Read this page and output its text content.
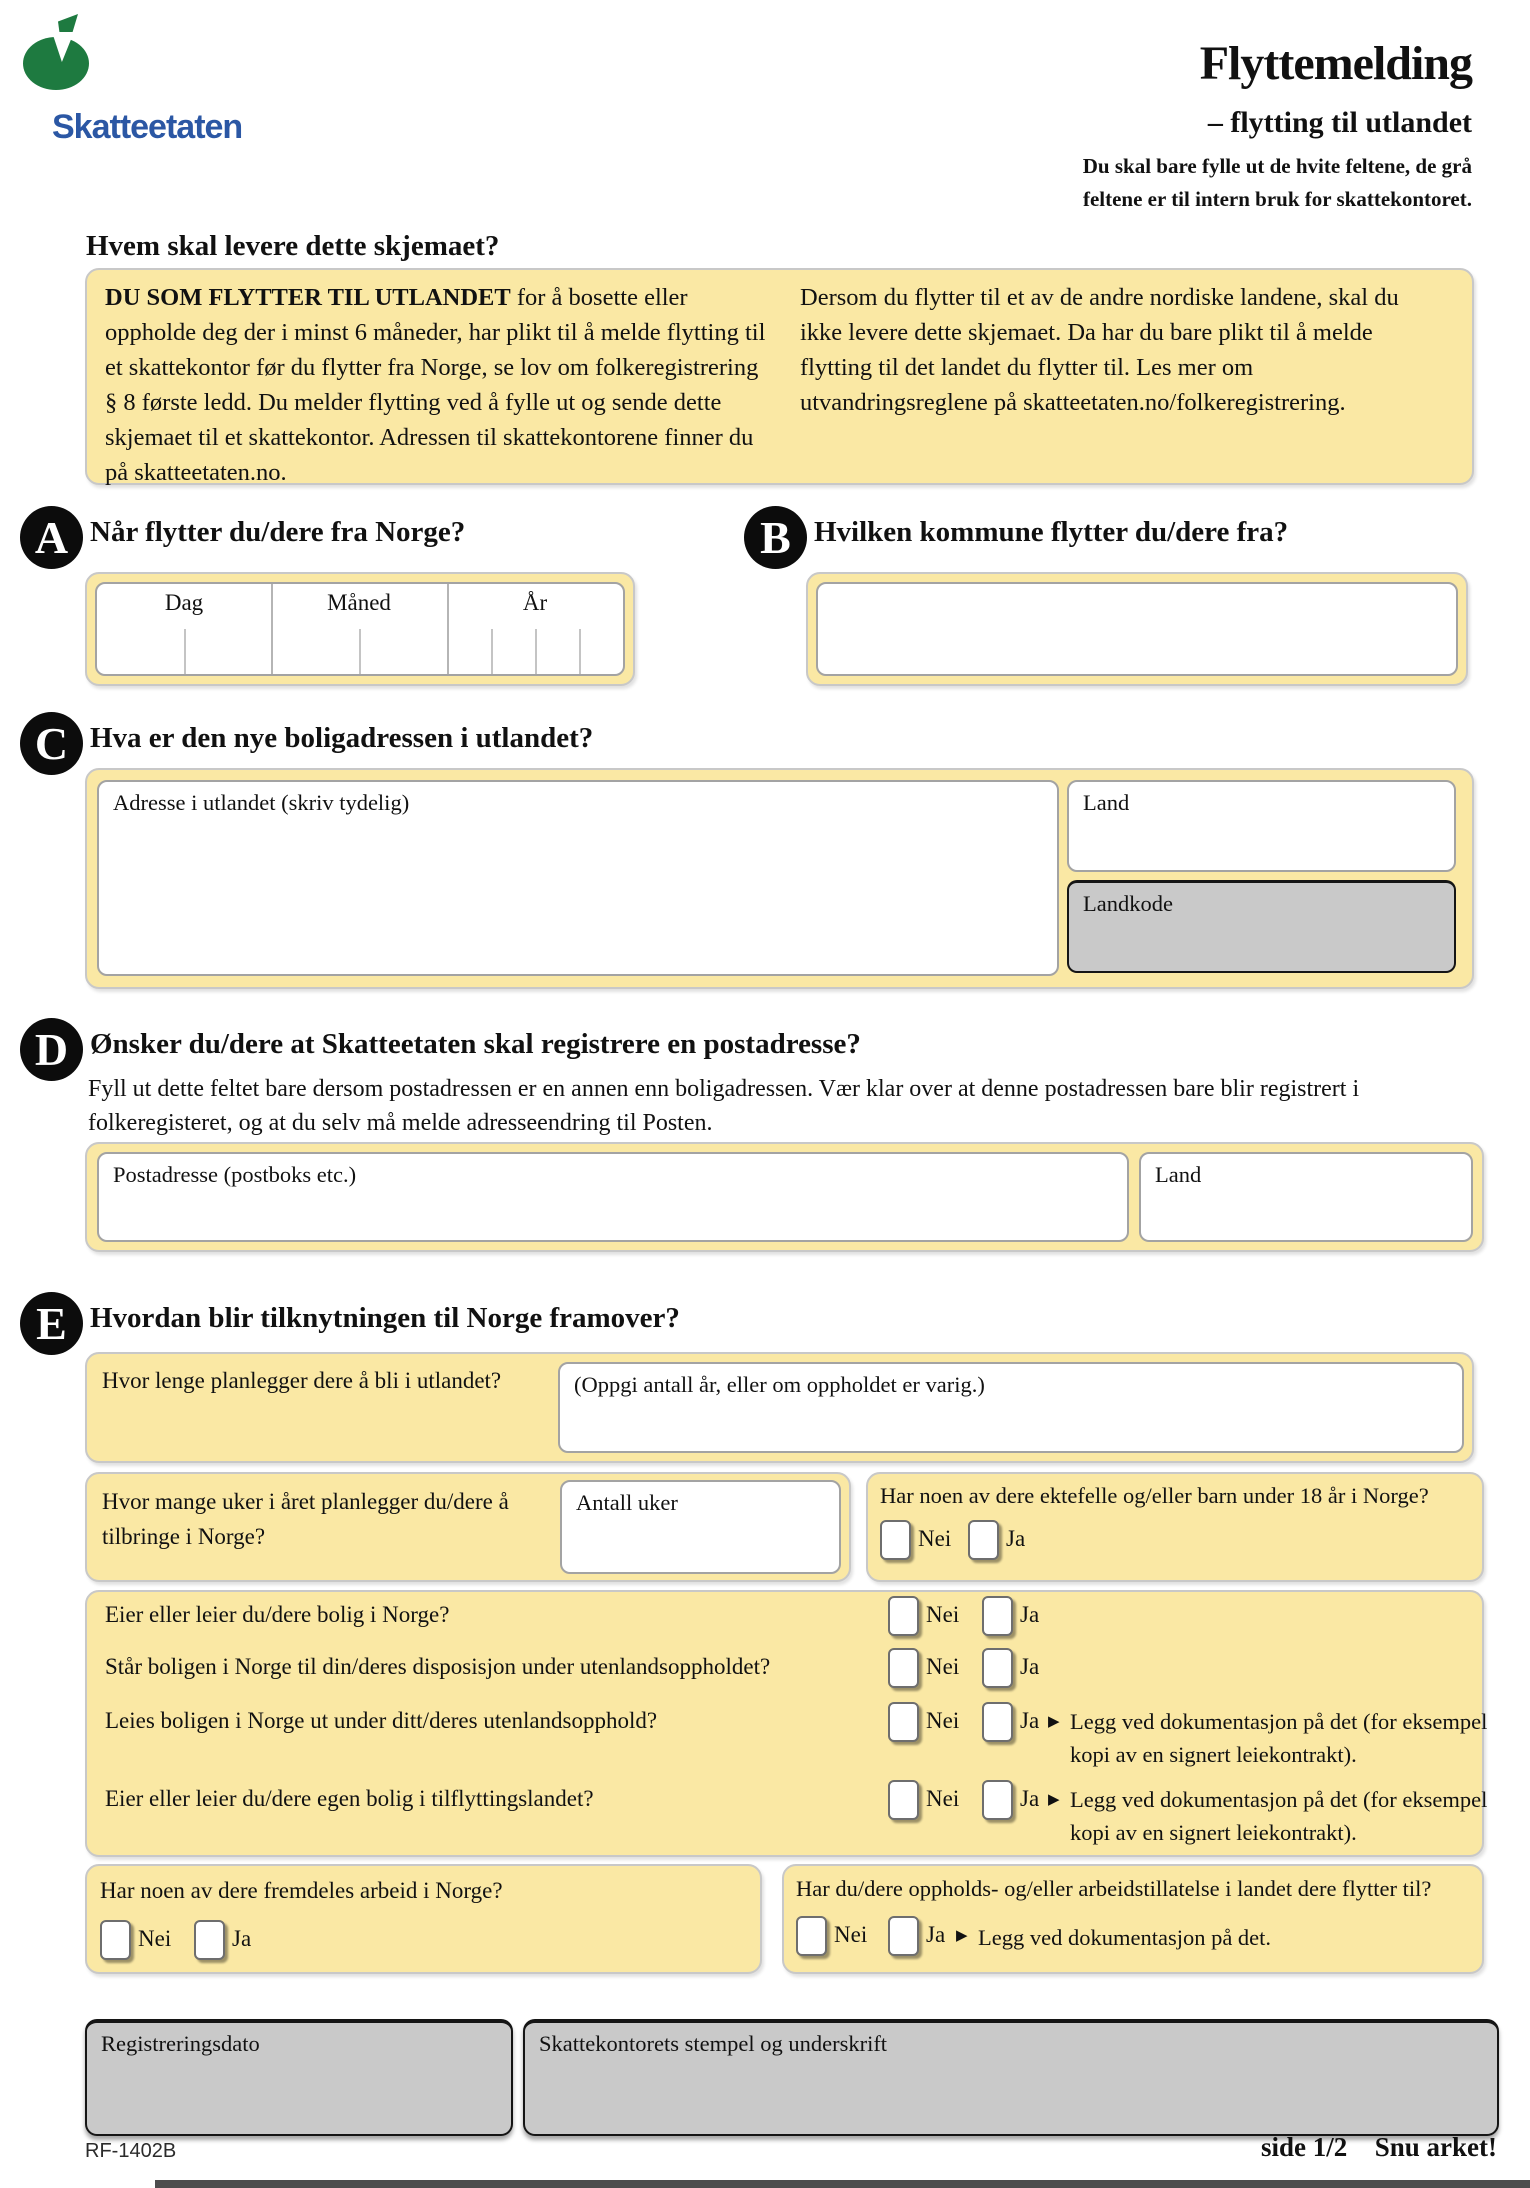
Skatteetaten
Flyttemelding
– flytting til utlandet
Du skal bare fylle ut de hvite feltene, de grå
feltene er til intern bruk for skattekontoret.
Hvem skal levere dette skjemaet?
DU SOM FLYTTER TIL UTLANDET for å bosette eller oppholde deg der i minst 6 måneder, har plikt til å melde flytting til et skattekontor før du flytter fra Norge, se lov om folkeregistrering § 8 første ledd. Du melder flytting ved å fylle ut og sende dette skjemaet til et skattekontor. Adressen til skattekontorene finner du på skatteetaten.no.
Dersom du flytter til et av de andre nordiske landene, skal du ikke levere dette skjemaet. Da har du bare plikt til å melde flytting til det landet du flytter til. Les mer om utvandringsreglene på skatteetaten.no/folkeregistrering.
A Når flytter du/dere fra Norge?
Dag	Måned	År
B Hvilken kommune flytter du/dere fra?
C Hva er den nye boligadressen i utlandet?
Adresse i utlandet (skriv tydelig)	Land
Landkode
D Ønsker du/dere at Skatteetaten skal registrere en postadresse?
Fyll ut dette feltet bare dersom postadressen er en annen enn boligadressen. Vær klar over at denne postadressen bare blir registrert i folkeregisteret, og at du selv må melde adresseendring til Posten.
Postadresse (postboks etc.)	Land
E Hvordan blir tilknytningen til Norge framover?
Hvor lenge planlegger dere å bli i utlandet?	(Oppgi antall år, eller om oppholdet er varig.)
Hvor mange uker i året planlegger du/dere å tilbringe i Norge?
Antall uker	Har noen av dere ektefelle og/eller barn under 18 år i Norge?
Nei Ja
Eier eller leier du/dere bolig i Norge?	Nei	Ja
Står boligen i Norge til din/deres disposisjon under utenlandsoppholdet?	Nei	Ja
Leies boligen i Norge ut under ditt/deres utenlandsopphold?	Nei	Ja ▶ Legg ved dokumentasjon på det (for eksempel kopi av en signert leiekontrakt).
Eier eller leier du/dere egen bolig i tilflyttingslandet?	Nei	Ja ▶ Legg ved dokumentasjon på det (for eksempel kopi av en signert leiekontrakt).
Har noen av dere fremdeles arbeid i Norge?
Nei	Ja
Har du/dere oppholds- og/eller arbeidstillatelse i landet dere flytter til?
Nei	Ja ▶ Legg ved dokumentasjon på det.
Registreringsdato	Skattekontorets stempel og underskrift
RF-1402B	side 1/2 Snu arket!
